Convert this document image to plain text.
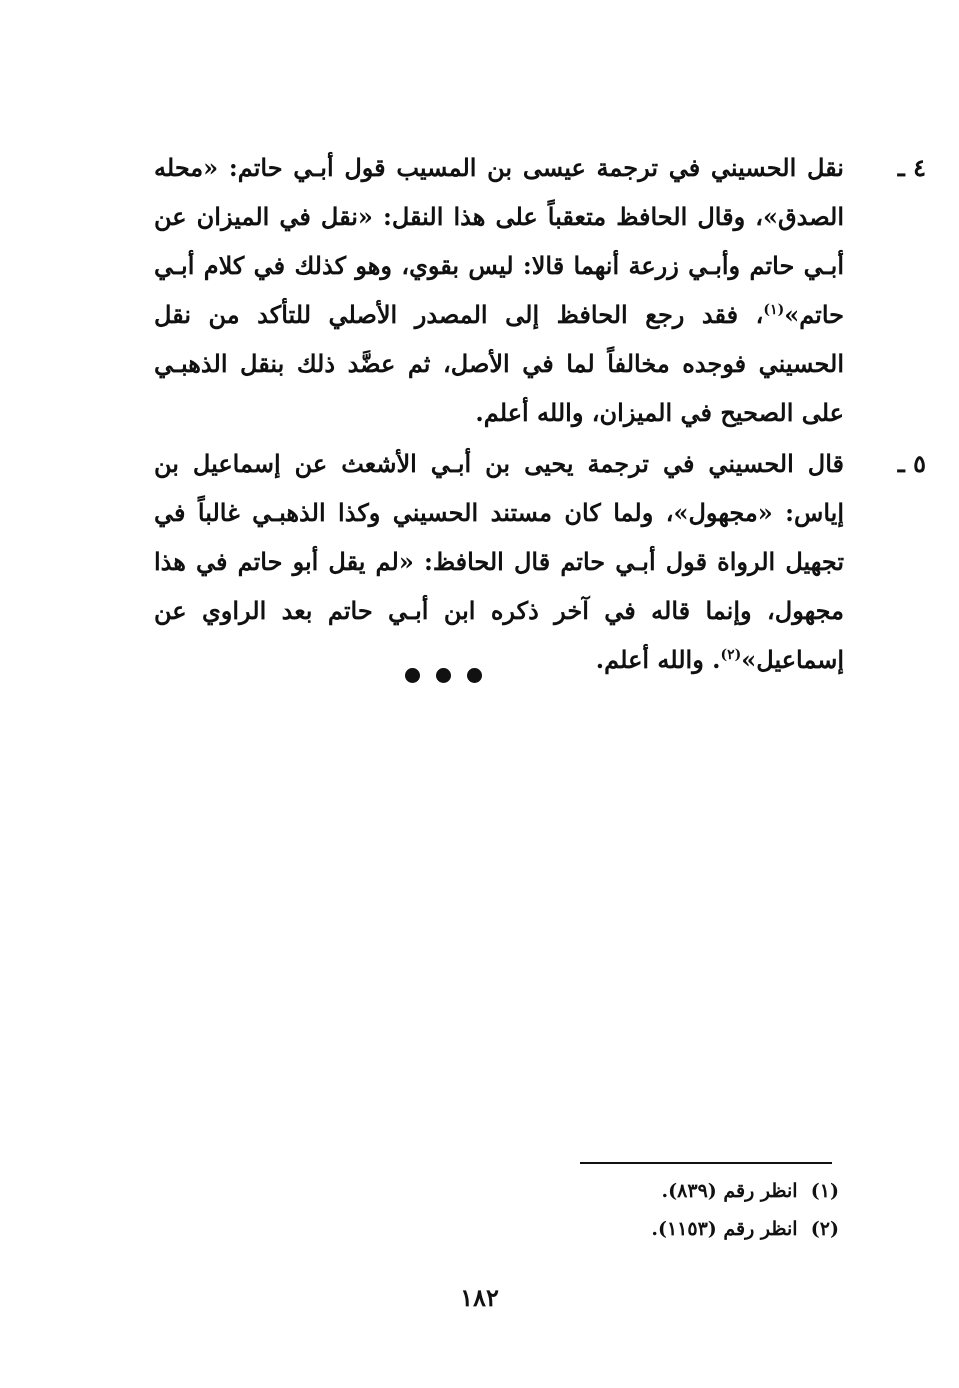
٤ ـ
نقل الحسيني في ترجمة عيسى بن المسيب قول أبـي حاتم: «محله الصدق»، وقال الحافظ متعقباً على هذا النقل: «نقل في الميزان عن أبـي حاتم وأبـي زرعة أنهما قالا: ليس بقوي، وهو كذلك في كلام أبـي حاتم»$^{(١)}$، فقد رجع الحافظ إلى المصدر الأصلي للتأكد من نقل الحسيني فوجده مخالفاً لما في الأصل، ثم عضَّد ذلك بنقل الذهبـي على الصحيح في الميزان، والله أعلم.
٥ ـ
قال الحسيني في ترجمة يحيى بن أبـي الأشعث عن إسماعيل بن إياس: «مجهول»، ولما كان مستند الحسيني وكذا الذهبـي غالباً في تجهيل الرواة قول أبـي حاتم قال الحافظ: «لم يقل أبو حاتم في هذا مجهول، وإنما قاله في آخر ذكره ابن أبـي حاتم بعد الراوي عن إسماعيل»$^{(٢)}$. والله أعلم.
(١)  انظر رقم (٨٣٩).
(٢)  انظر رقم (١١٥٣).
١٨٢
